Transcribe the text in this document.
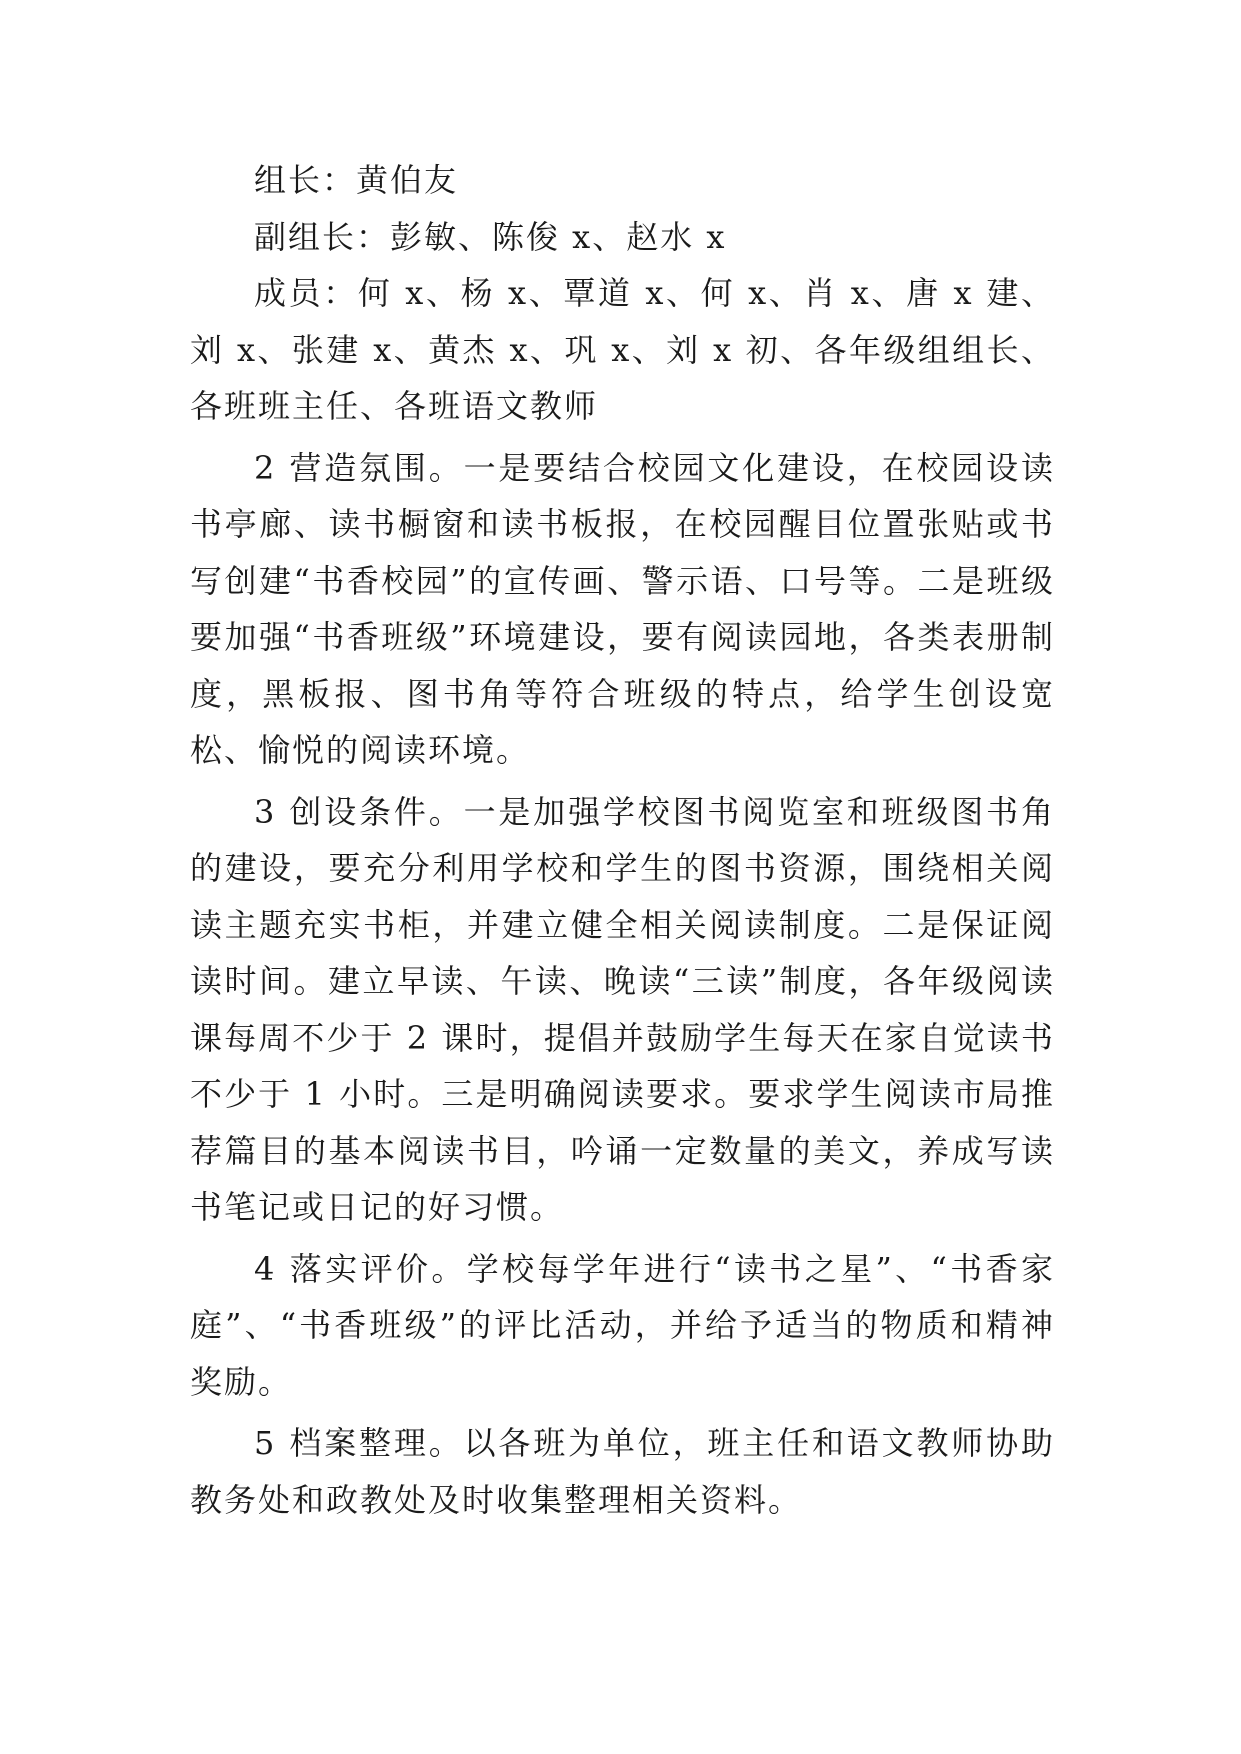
组长：黄伯友

副组长：彭敏、陈俊 x、赵水 x

成员：何 x、杨 x、覃道 x、何 x、肖 x、唐 x 建、刘 x、张建 x、黄杰 x、巩 x、刘 x 初、各年级组组长、各班班主任、各班语文教师

2 营造氛围。一是要结合校园文化建设，在校园设读书亭廊、读书橱窗和读书板报，在校园醒目位置张贴或书写创建“书香校园”的宣传画、警示语、口号等。二是班级要加强“书香班级”环境建设，要有阅读园地，各类表册制度，黑板报、图书角等符合班级的特点，给学生创设宽松、愉悦的阅读环境。

3 创设条件。一是加强学校图书阅览室和班级图书角的建设，要充分利用学校和学生的图书资源，围绕相关阅读主题充实书柜，并建立健全相关阅读制度。二是保证阅读时间。建立早读、午读、晚读“三读”制度，各年级阅读课每周不少于 2 课时，提倡并鼓励学生每天在家自觉读书不少于 1 小时。三是明确阅读要求。要求学生阅读市局推荐篇目的基本阅读书目，吟诵一定数量的美文，养成写读书笔记或日记的好习惯。

4 落实评价。学校每学年进行“读书之星”、“书香家庭”、“书香班级”的评比活动，并给予适当的物质和精神奖励。

5 档案整理。以各班为单位，班主任和语文教师协助教务处和政教处及时收集整理相关资料。
